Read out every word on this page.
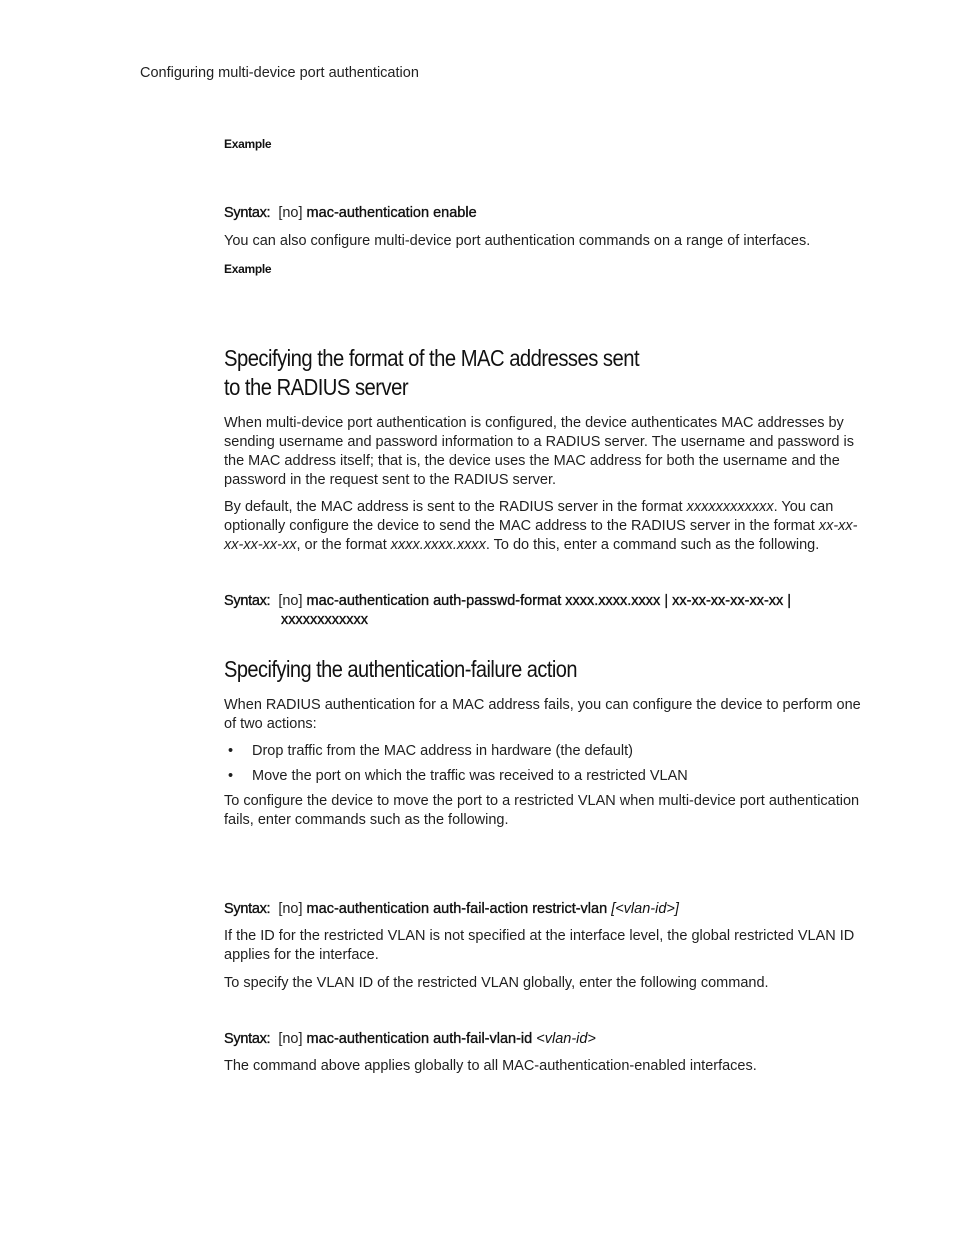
Configuring multi-device port authentication
Example
Syntax: [no] mac-authentication enable

You can also configure multi-device port authentication commands on a range of interfaces.

Example
Specifying the format of the MAC addresses sent
to the RADIUS server

When multi-device port authentication is configured, the device authenticates MAC addresses by sending username and password information to a RADIUS server. The username and password is the MAC address itself; that is, the device uses the MAC address for both the username and the password in the request sent to the RADIUS server.

By default, the MAC address is sent to the RADIUS server in the format xxxxxxxxxxxx. You can optionally configure the device to send the MAC address to the RADIUS server in the format xx-xx-xx-xx-xx-xx, or the format xxxx.xxxx.xxxx. To do this, enter a command such as the following.

Syntax: [no] mac-authentication auth-passwd-format xxxx.xxxx.xxxx | xx-xx-xx-xx-xx-xx |
xxxxxxxxxxxx
Specifying the authentication-failure action

When RADIUS authentication for a MAC address fails, you can configure the device to perform one of two actions:

• Drop traffic from the MAC address in hardware (the default)
• Move the port on which the traffic was received to a restricted VLAN

To configure the device to move the port to a restricted VLAN when multi-device port authentication fails, enter commands such as the following.

Syntax: [no] mac-authentication auth-fail-action restrict-vlan [<vlan-id>]

If the ID for the restricted VLAN is not specified at the interface level, the global restricted VLAN ID applies for the interface.

To specify the VLAN ID of the restricted VLAN globally, enter the following command.

Syntax: [no] mac-authentication auth-fail-vlan-id <vlan-id>

The command above applies globally to all MAC-authentication-enabled interfaces.
